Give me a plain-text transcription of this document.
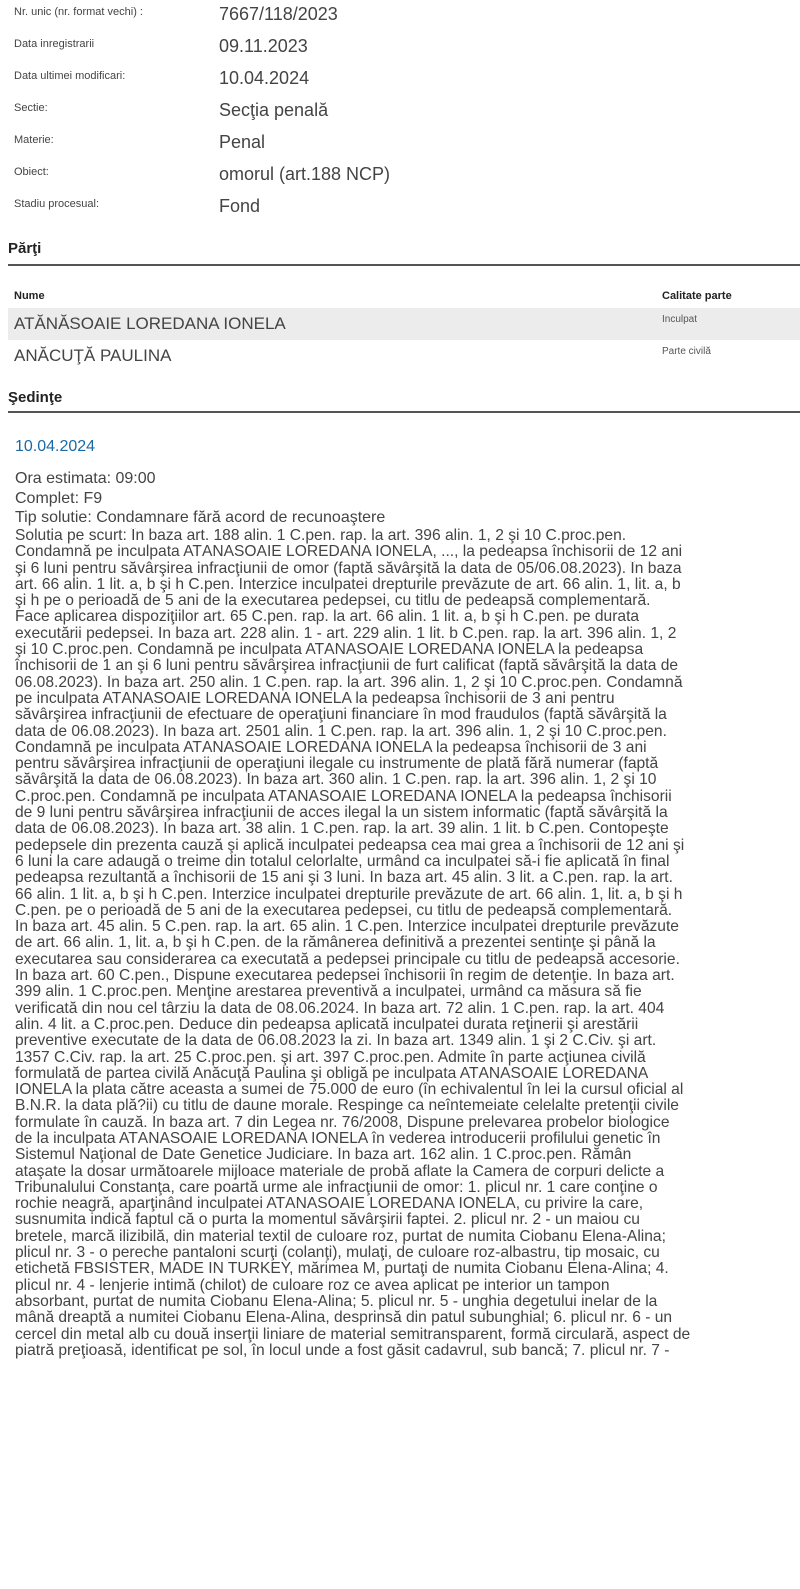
Nr. unic (nr. format vechi) :	7667/118/2023
Data inregistrarii	09.11.2023
Data ultimei modificari:	10.04.2024
Sectie:	Secţia penală
Materie:	Penal
Obiect:	omorul (art.188 NCP)
Stadiu procesual:	Fond
Părţi
Nume	Calitate parte
ATĂNĂSOAIE LOREDANA IONELA	Inculpat
ANĂCUŢĂ PAULINA	Parte civilă
Şedinţe
10.04.2024
Ora estimata: 09:00
Complet: F9
Tip solutie: Condamnare fără acord de recunoaştere
Solutia pe scurt: În baza art. 188 alin. 1 C.pen. rap. la art. 396 alin. 1, 2 şi 10 C.proc.pen.
Condamnă pe inculpata ATĂNĂSOAIE LOREDANA IONELA, ..., la pedeapsa închisorii de 12 ani
şi 6 luni pentru săvârşirea infracţiunii de omor (faptă săvârşită la data de 05/06.08.2023). În baza
art. 66 alin. 1 lit. a, b şi h C.pen. Interzice inculpatei drepturile prevăzute de art. 66 alin. 1, lit. a, b
şi h pe o perioadă de 5 ani de la executarea pedepsei, cu titlu de pedeapsă complementară.
Face aplicarea dispoziţiilor art. 65 C.pen. rap. la art. 66 alin. 1 lit. a, b şi h C.pen. pe durata
executării pedepsei. În baza art. 228 alin. 1 - art. 229 alin. 1 lit. b C.pen. rap. la art. 396 alin. 1, 2
şi 10 C.proc.pen. Condamnă pe inculpata ATĂNĂSOAIE LOREDANA IONELA la pedeapsa
închisorii de 1 an şi 6 luni pentru săvârşirea infracţiunii de furt calificat (faptă săvârşită la data de
06.08.2023). În baza art. 250 alin. 1 C.pen. rap. la art. 396 alin. 1, 2 şi 10 C.proc.pen. Condamnă
pe inculpata ATĂNĂSOAIE LOREDANA IONELA la pedeapsa închisorii de 3 ani pentru
săvârşirea infracţiunii de efectuare de operaţiuni financiare în mod fraudulos (faptă săvârşită la
data de 06.08.2023). În baza art. 2501 alin. 1 C.pen. rap. la art. 396 alin. 1, 2 şi 10 C.proc.pen.
Condamnă pe inculpata ATĂNĂSOAIE LOREDANA IONELA la pedeapsa închisorii de 3 ani
pentru săvârşirea infracţiunii de operaţiuni ilegale cu instrumente de plată fără numerar (faptă
săvârşită la data de 06.08.2023). În baza art. 360 alin. 1 C.pen. rap. la art. 396 alin. 1, 2 şi 10
C.proc.pen. Condamnă pe inculpata ATĂNĂSOAIE LOREDANA IONELA la pedeapsa închisorii
de 9 luni pentru săvârşirea infracţiunii de acces ilegal la un sistem informatic (faptă săvârşită la
data de 06.08.2023). În baza art. 38 alin. 1 C.pen. rap. la art. 39 alin. 1 lit. b C.pen. Contopeşte
pedepsele din prezenta cauză şi aplică inculpatei pedeapsa cea mai grea a închisorii de 12 ani şi
6 luni la care adaugă o treime din totalul celorlalte, urmând ca inculpatei să-i fie aplicată în final
pedeapsa rezultantă a închisorii de 15 ani şi 3 luni. În baza art. 45 alin. 3 lit. a C.pen. rap. la art.
66 alin. 1 lit. a, b şi h C.pen. Interzice inculpatei drepturile prevăzute de art. 66 alin. 1, lit. a, b şi h
C.pen. pe o perioadă de 5 ani de la executarea pedepsei, cu titlu de pedeapsă complementară.
În baza art. 45 alin. 5 C.pen. rap. la art. 65 alin. 1 C.pen. Interzice inculpatei drepturile prevăzute
de art. 66 alin. 1, lit. a, b şi h C.pen. de la rămânerea definitivă a prezentei sentinţe şi până la
executarea sau considerarea ca executată a pedepsei principale cu titlu de pedeapsă accesorie.
În baza art. 60 C.pen., Dispune executarea pedepsei închisorii în regim de detenţie. În baza art.
399 alin. 1 C.proc.pen. Menţine arestarea preventivă a inculpatei, urmând ca măsura să fie
verificată din nou cel târziu la data de 08.06.2024. În baza art. 72 alin. 1 C.pen. rap. la art. 404
alin. 4 lit. a C.proc.pen. Deduce din pedeapsa aplicată inculpatei durata reţinerii şi arestării
preventive executate de la data de 06.08.2023 la zi. În baza art. 1349 alin. 1 şi 2 C.Civ. şi art.
1357 C.Civ. rap. la art. 25 C.proc.pen. şi art. 397 C.proc.pen. Admite în parte acţiunea civilă
formulată de partea civilă Anăcuţă Paulina şi obligă pe inculpata ATĂNĂSOAIE LOREDANA
IONELA la plata către aceasta a sumei de 75.000 de euro (în echivalentul în lei la cursul oficial al
B.N.R. la data plă?ii) cu titlu de daune morale. Respinge ca neîntemeiate celelalte pretenţii civile
formulate în cauză. În baza art. 7 din Legea nr. 76/2008, Dispune prelevarea probelor biologice
de la inculpata ATĂNĂSOAIE LOREDANA IONELA în vederea introducerii profilului genetic în
Sistemul Naţional de Date Genetice Judiciare. În baza art. 162 alin. 1 C.proc.pen. Rămân
ataşate la dosar următoarele mijloace materiale de probă aflate la Camera de corpuri delicte a
Tribunalului Constanţa, care poartă urme ale infracţiunii de omor: 1. plicul nr. 1 care conţine o
rochie neagră, aparţinând inculpatei ATĂNĂSOAIE LOREDANA IONELA, cu privire la care,
susnumita indică faptul că o purta la momentul săvârşirii faptei. 2. plicul nr. 2 - un maiou cu
bretele, marcă ilizibilă, din material textil de culoare roz, purtat de numita Ciobanu Elena-Alina;
plicul nr. 3 - o pereche pantaloni scurţi (colanţi), mulaţi, de culoare roz-albastru, tip mosaic, cu
etichetă FBSISTER, MADE IN TURKEY, mărimea M, purtaţi de numita Ciobanu Elena-Alina; 4.
plicul nr. 4 - lenjerie intimă (chilot) de culoare roz ce avea aplicat pe interior un tampon
absorbant, purtat de numita Ciobanu Elena-Alina; 5. plicul nr. 5 - unghia degetului inelar de la
mână dreaptă a numitei Ciobanu Elena-Alina, desprinsă din patul subunghial; 6. plicul nr. 6 - un
cercel din metal alb cu două inserţii liniare de material semitransparent, formă circulară, aspect de
piatră preţioasă, identificat pe sol, în locul unde a fost găsit cadavrul, sub bancă; 7. plicul nr. 7 -
